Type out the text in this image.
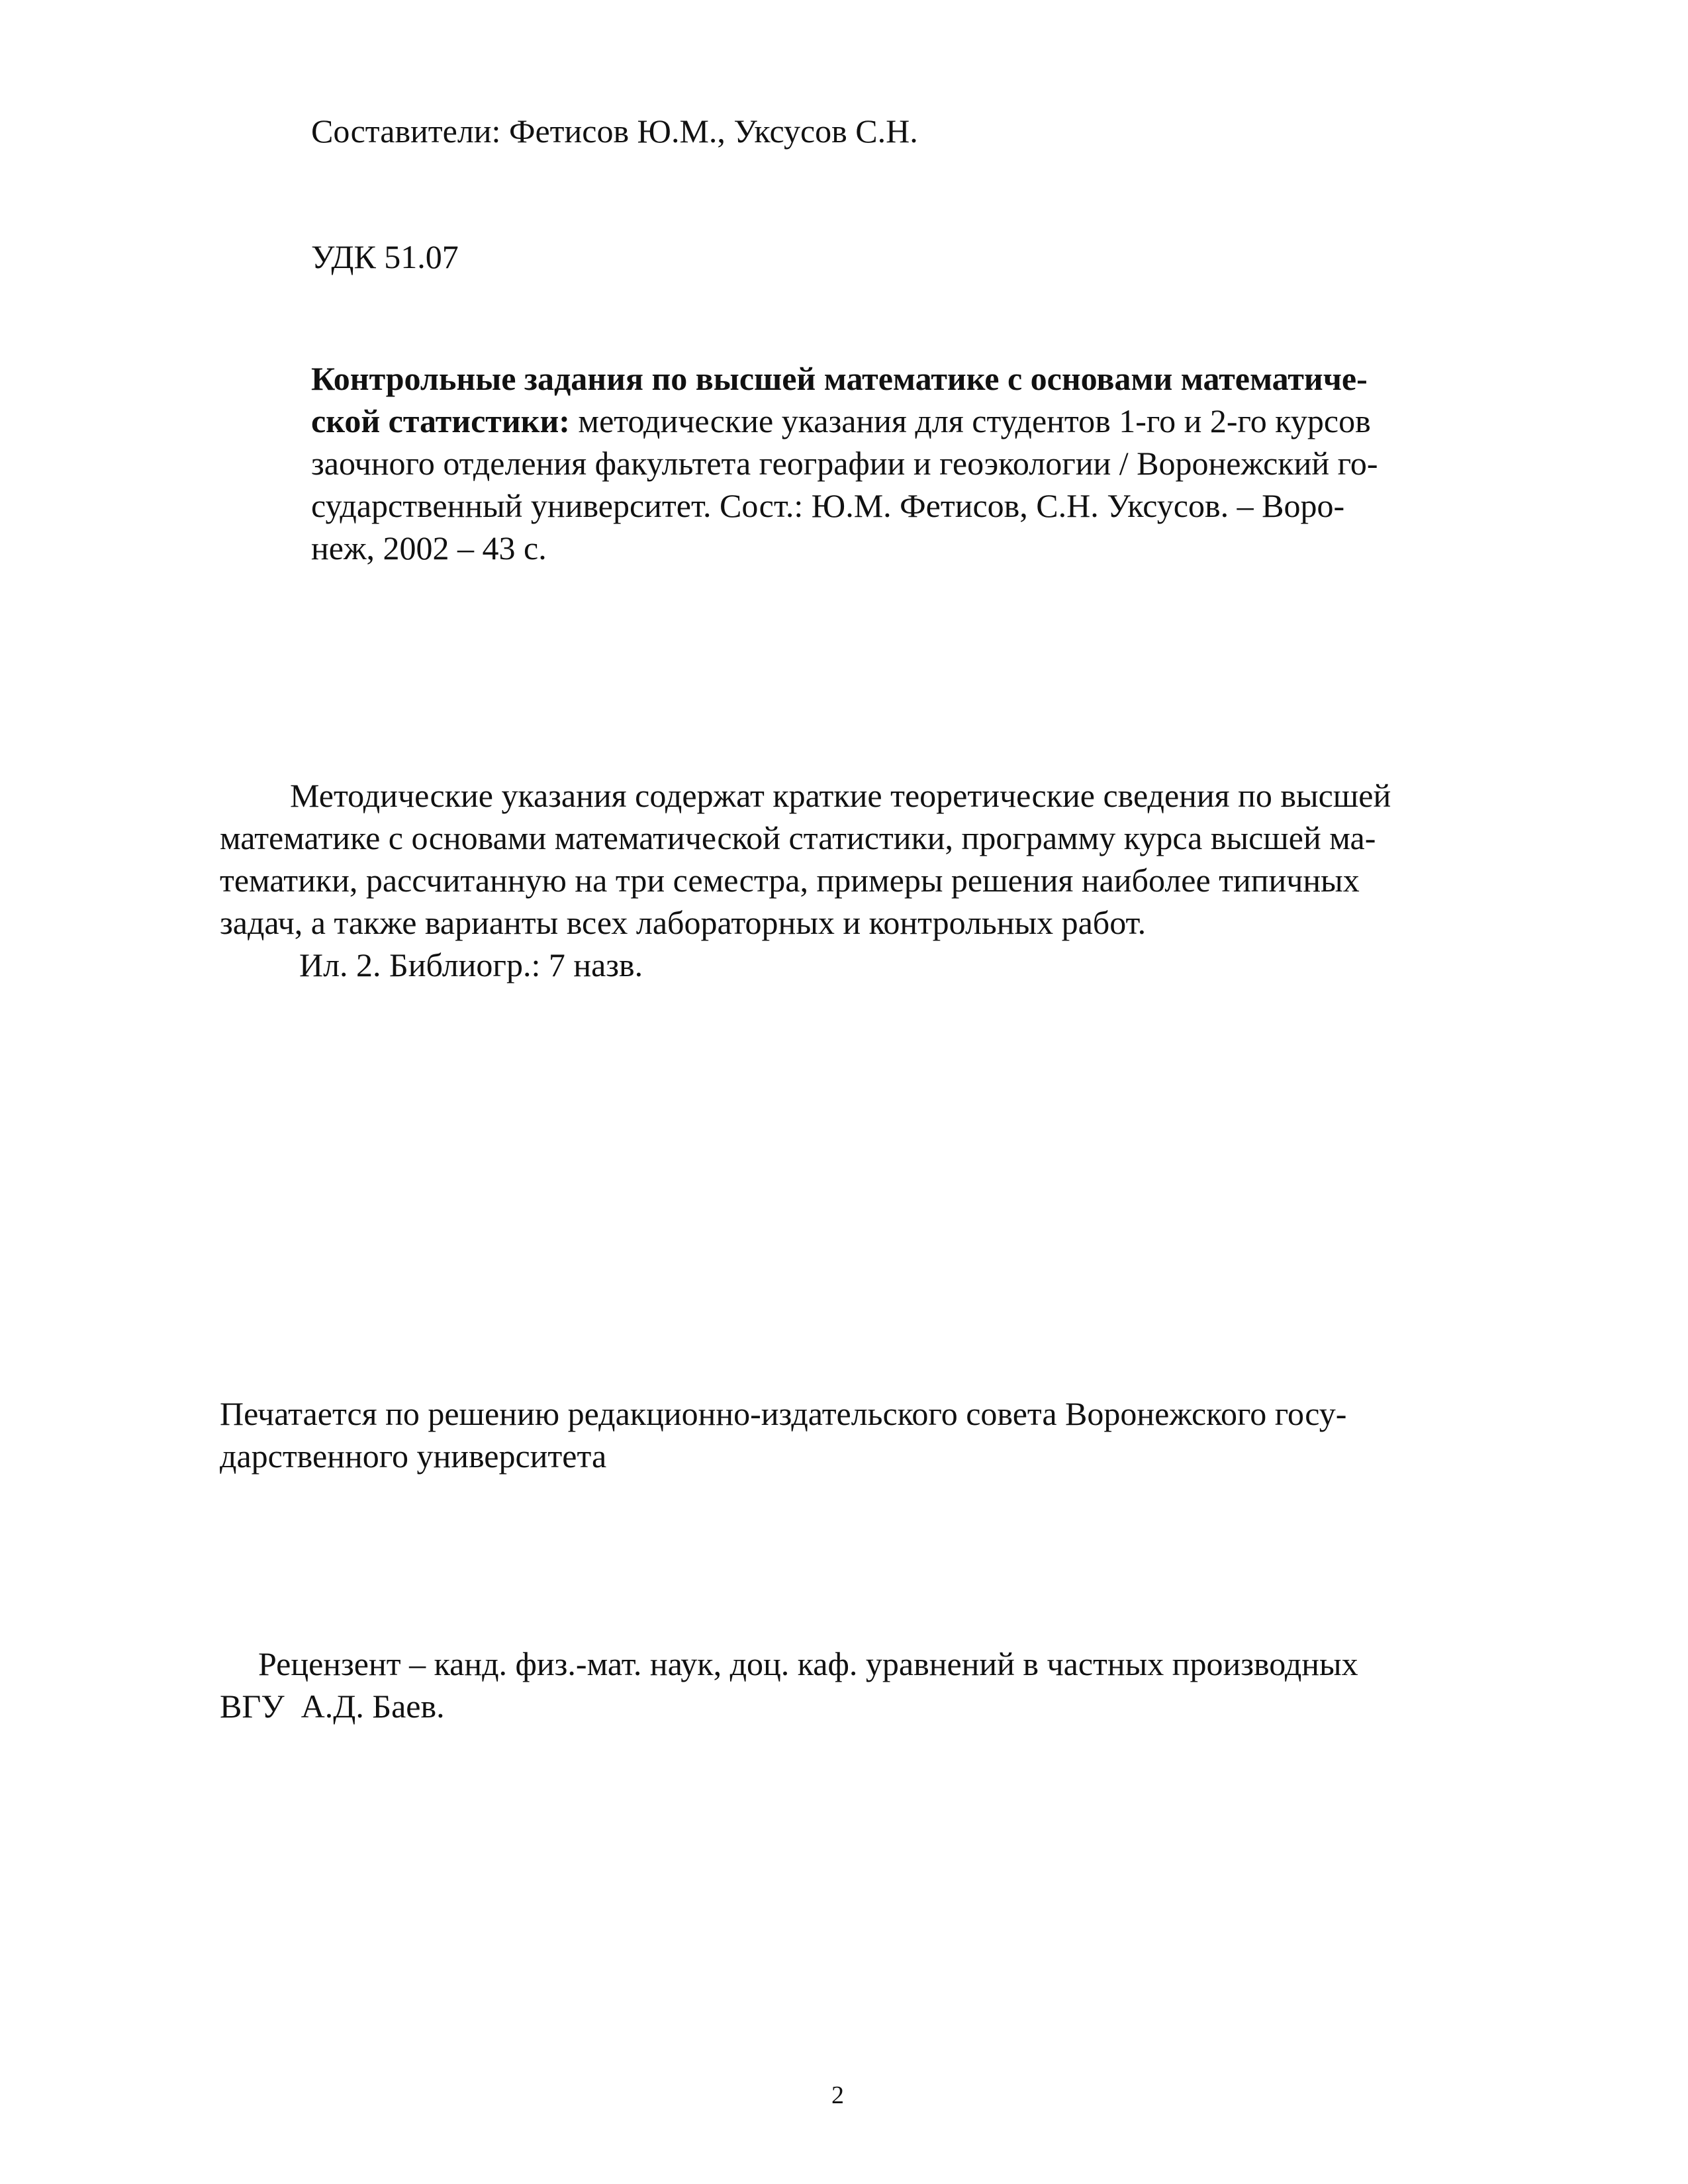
Составители: Фетисов Ю.М., Уксусов С.Н.

УДК 51.07

Контрольные задания по высшей математике с основами математиче-
ской статистики: методические указания для студентов 1-го и 2-го курсов
заочного отделения факультета географии и геоэкологии / Воронежский го-
сударственный университет. Сост.: Ю.М. Фетисов, С.Н. Уксусов. – Воро-
неж, 2002 – 43 с.
Методические указания содержат краткие теоретические сведения по высшей
математике с основами математической статистики, программу курса высшей ма-
тематики, рассчитанную на три семестра, примеры решения наиболее типичных
задач, а также варианты всех лабораторных и контрольных работ.

Ил. 2. Библиогр.: 7 назв.

Печатается по решению редакционно-издательского совета Воронежского госу-
дарственного университета
Рецензент – канд. физ.-мат. наук, доц. каф. уравнений в частных производных
ВГУ  А.Д. Баев.
2
